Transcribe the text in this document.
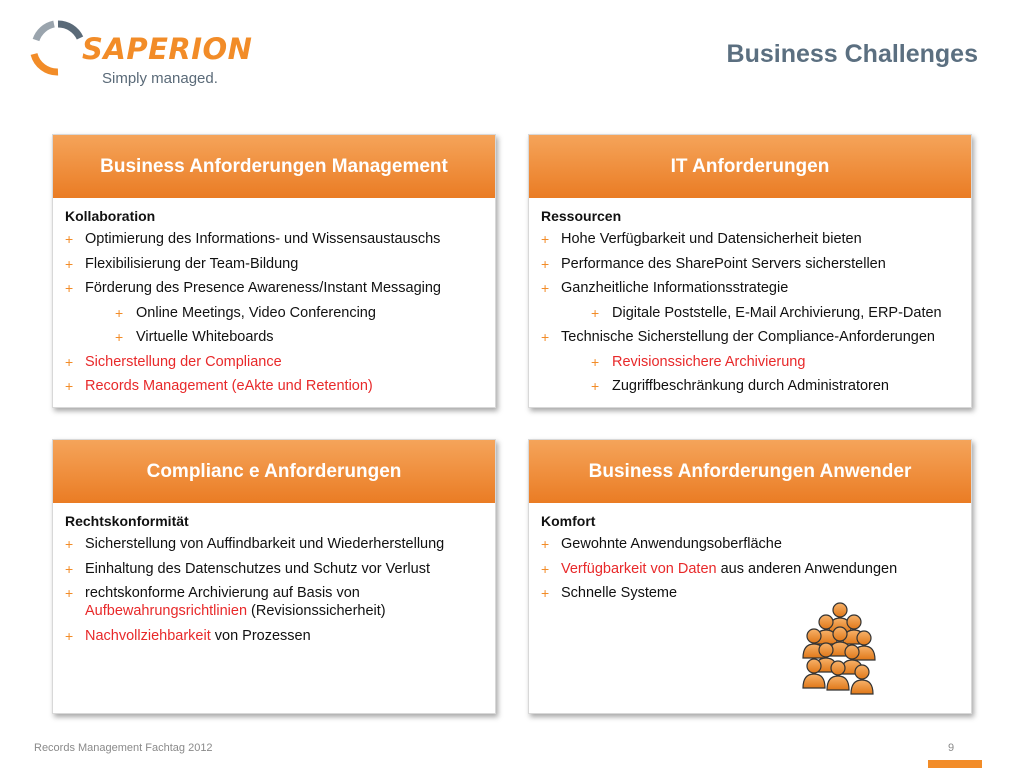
SAPERION
Simply managed.
Business Challenges
Business Anforderungen Management
Kollaboration
+ Optimierung des Informations- und Wissensaustauschs
+ Flexibilisierung der Team-Bildung
+ Förderung des Presence Awareness/Instant Messaging
+ Online Meetings, Video Conferencing
+ Virtuelle Whiteboards
+ Sicherstellung der Compliance
+ Records Management (eAkte und Retention)
IT Anforderungen
Ressourcen
+ Hohe Verfügbarkeit und Datensicherheit bieten
+ Performance des SharePoint Servers sicherstellen
+ Ganzheitliche Informationsstrategie
+ Digitale Poststelle, E-Mail Archivierung, ERP-Daten
+ Technische Sicherstellung der Compliance-Anforderungen
+ Revisionssichere Archivierung
+ Zugriffbeschränkung durch Administratoren
Complianc e Anforderungen
Rechtskonformität
+ Sicherstellung von Auffindbarkeit und Wiederherstellung
+ Einhaltung des Datenschutzes und Schutz vor Verlust
+ rechtskonforme Archivierung auf Basis von Aufbewahrungsrichtlinien (Revisionssicherheit)
+ Nachvollziehbarkeit von Prozessen
Business Anforderungen Anwender
Komfort
+ Gewohnte Anwendungsoberfläche
+ Verfügbarkeit von Daten aus anderen Anwendungen
+ Schnelle Systeme
Records Management Fachtag 2012	9
